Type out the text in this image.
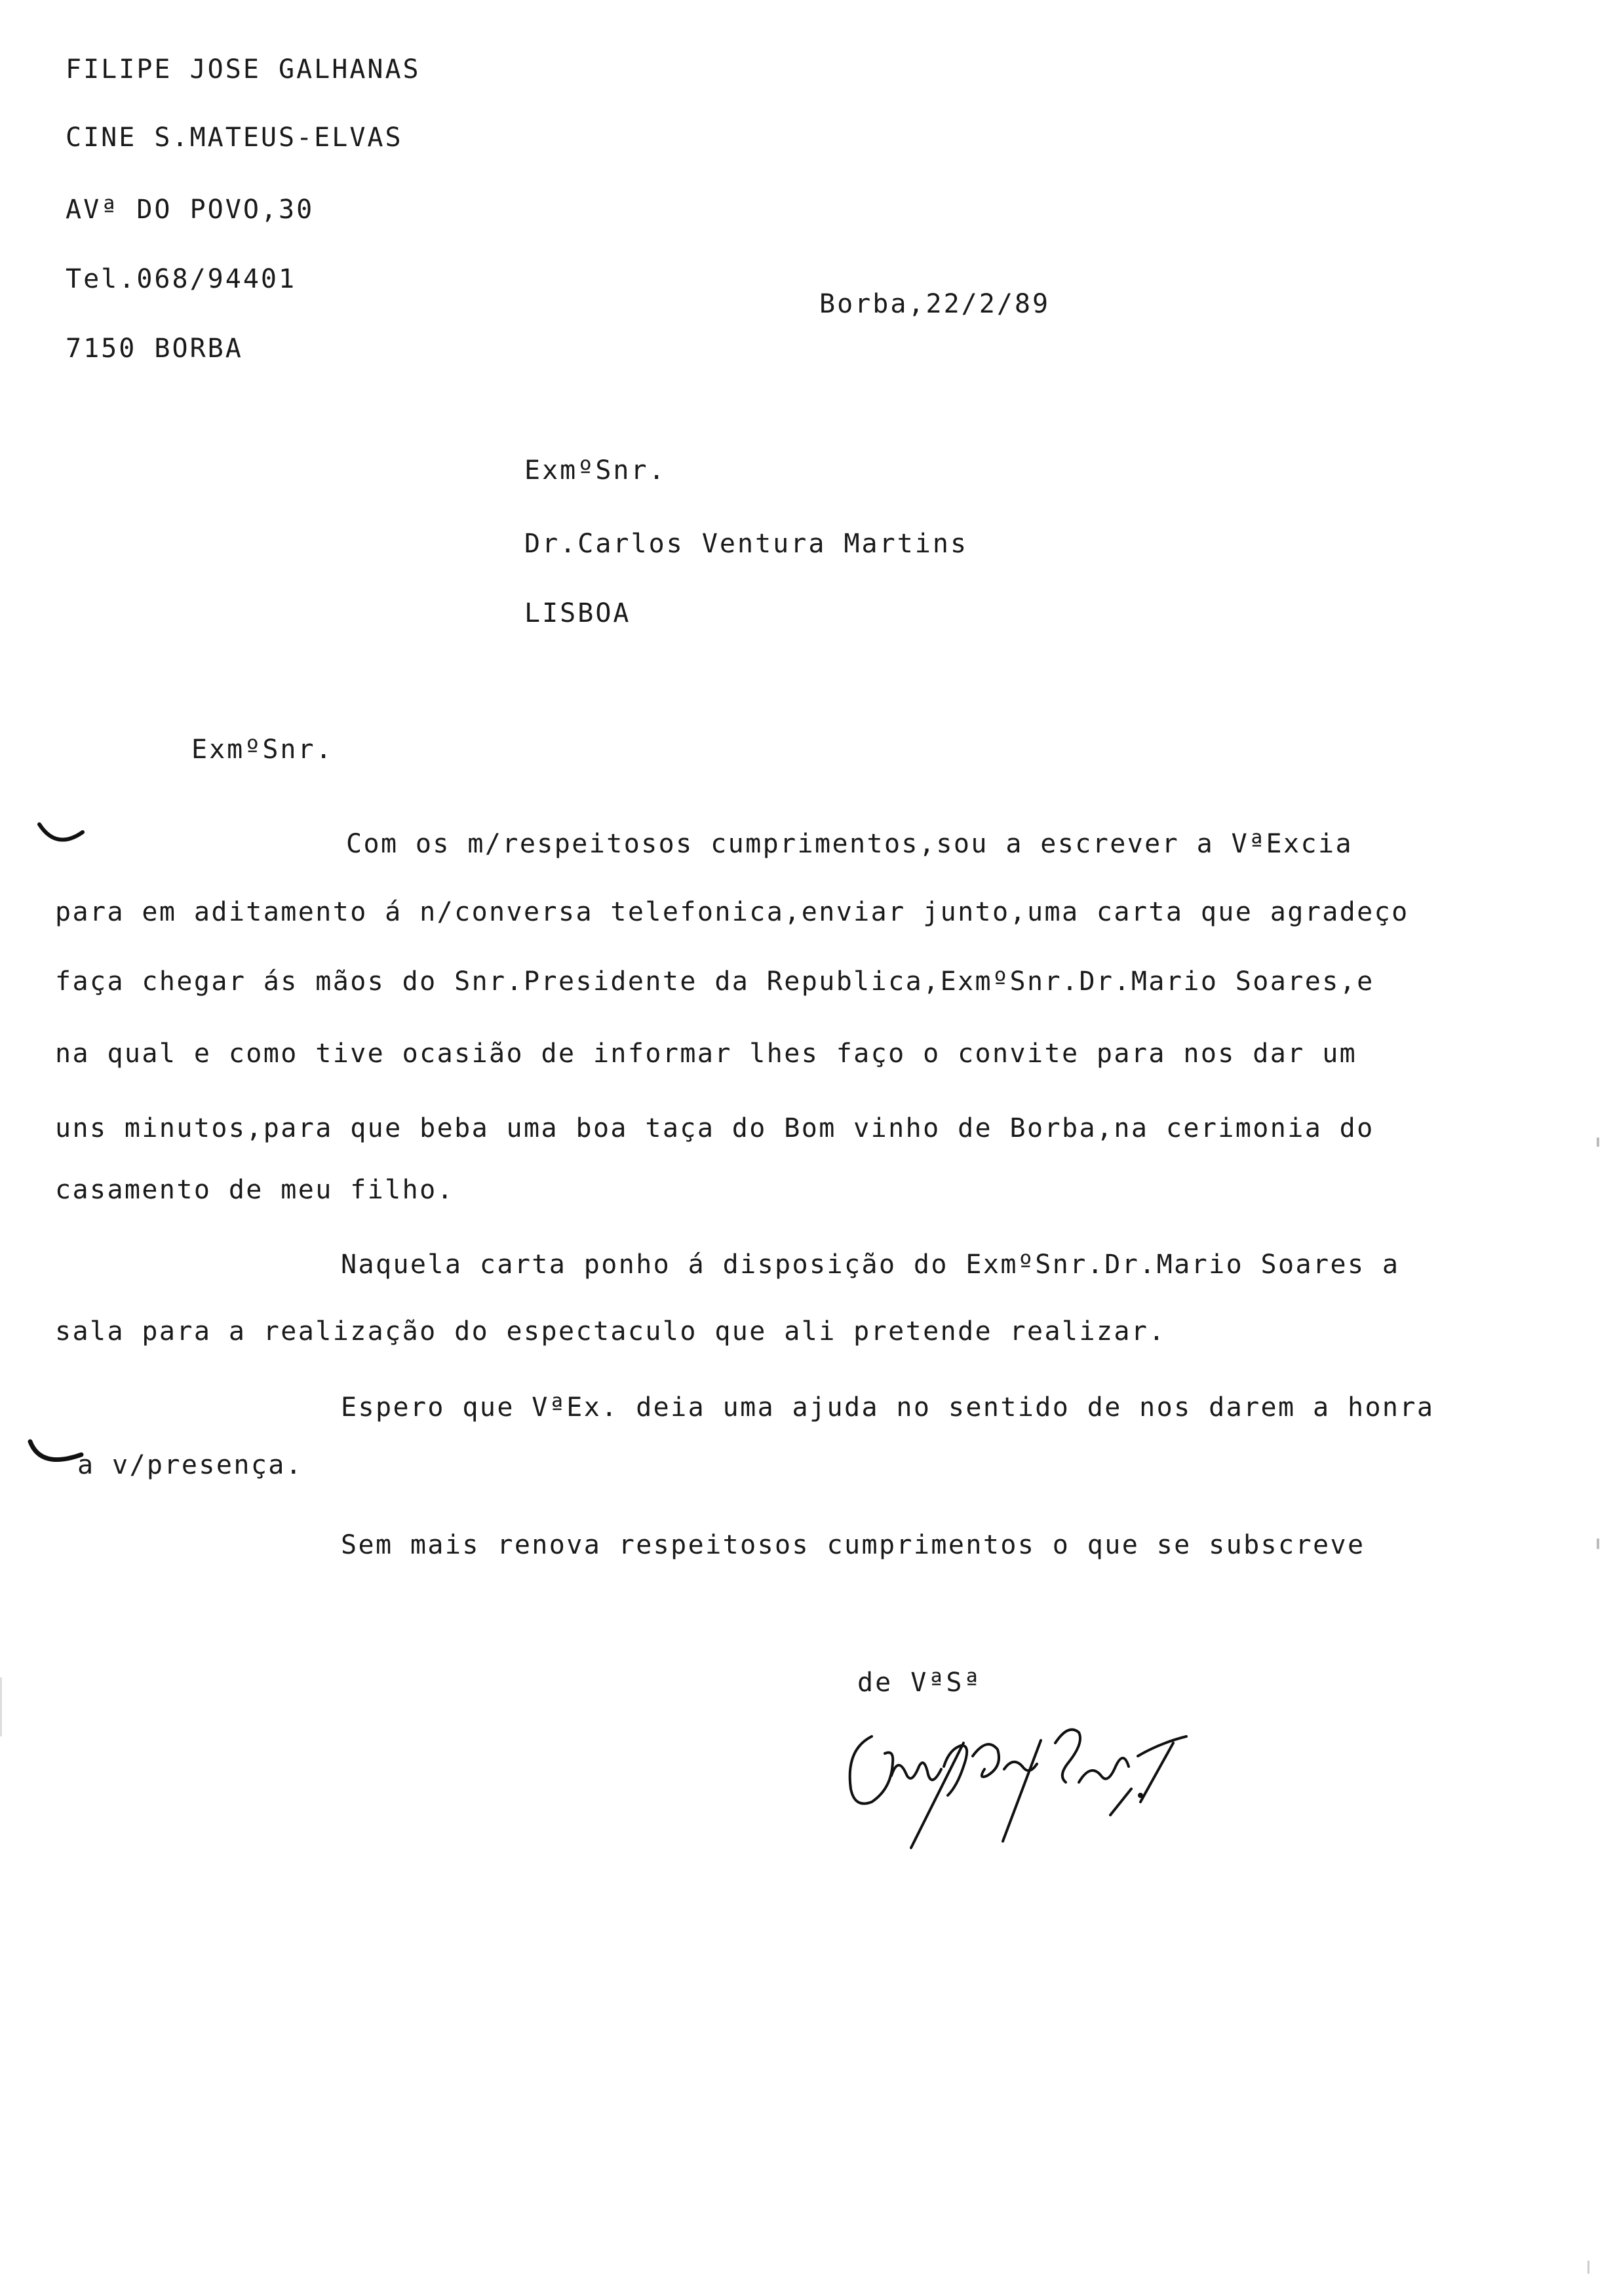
FILIPE JOSE GALHANAS
CINE S.MATEUS-ELVAS
AVª DO POVO,30
Tel.068/94401
7150 BORBA
Borba,22/2/89
ExmºSnr.
Dr.Carlos Ventura Martins
LISBOA
ExmºSnr.
Com os m/respeitosos cumprimentos,sou a escrever a VªExcia
para em aditamento á n/conversa telefonica,enviar junto,uma carta que agradeço
faça chegar ás mãos do Snr.Presidente da Republica,ExmºSnr.Dr.Mario Soares,e
na qual e como tive ocasião de informar lhes faço o convite para nos dar um
uns minutos,para que beba uma boa taça do Bom vinho de Borba,na cerimonia do
casamento de meu filho.
Naquela carta ponho á disposição do ExmºSnr.Dr.Mario Soares a
sala para a realização do espectaculo que ali pretende realizar.
Espero que VªEx. deia uma ajuda no sentido de nos darem a honra
a v/presença.
Sem mais renova respeitosos cumprimentos o que se subscreve
de VªSª
